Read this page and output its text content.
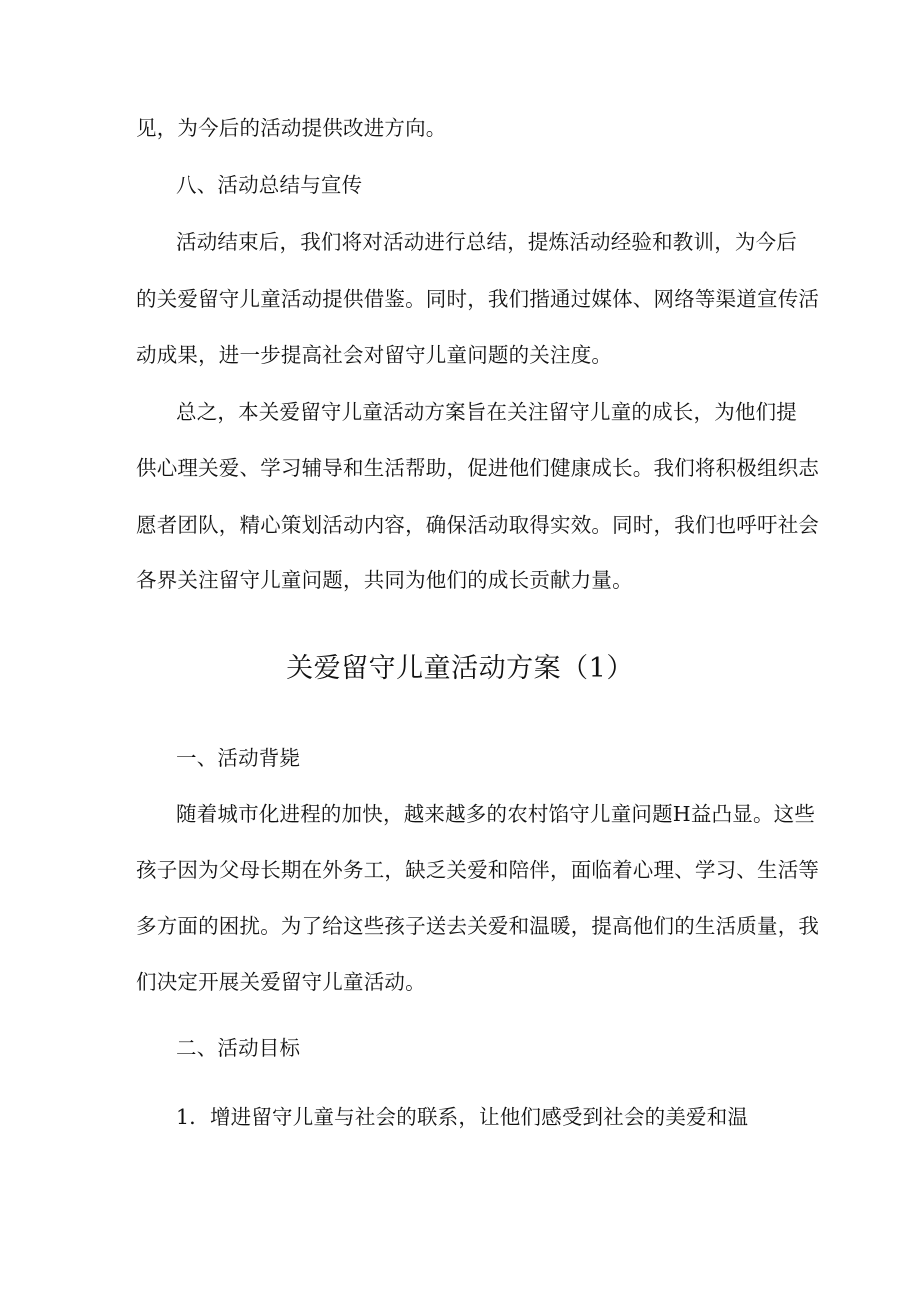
见，为今后的活动提供改进方向。
八、活动总结与宣传
活动结束后，我们将对活动进行总结，提炼活动经验和教训，为今后
的关爱留守儿童活动提供借鉴。同时，我们揩通过媒体、网络等渠道宣传活
动成果，进一步提高社会对留守儿童问题的关注度。
总之，本关爱留守儿童活动方案旨在关注留守儿童的成长，为他们提
供心理关爱、学习辅导和生活帮助，促进他们健康成长。我们将积极组织志
愿者团队，精心策划活动内容，确保活动取得实效。同时，我们也呼吁社会
各界关注留守儿童问题，共同为他们的成长贡献力量。
关爱留守儿童活动方案（1）
一、活动背毙
随着城市化进程的加快，越来越多的农村馅守儿童问题H益凸显。这些
孩子因为父母长期在外务工，缺乏关爱和陪伴，面临着心理、学习、生活等
多方面的困扰。为了给这些孩子送去关爱和温暖，提高他们的生活质量，我
们决定开展关爱留守儿童活动。
二、活动目标
1．增进留守儿童与社会的联系，让他们感受到社会的美爱和温
